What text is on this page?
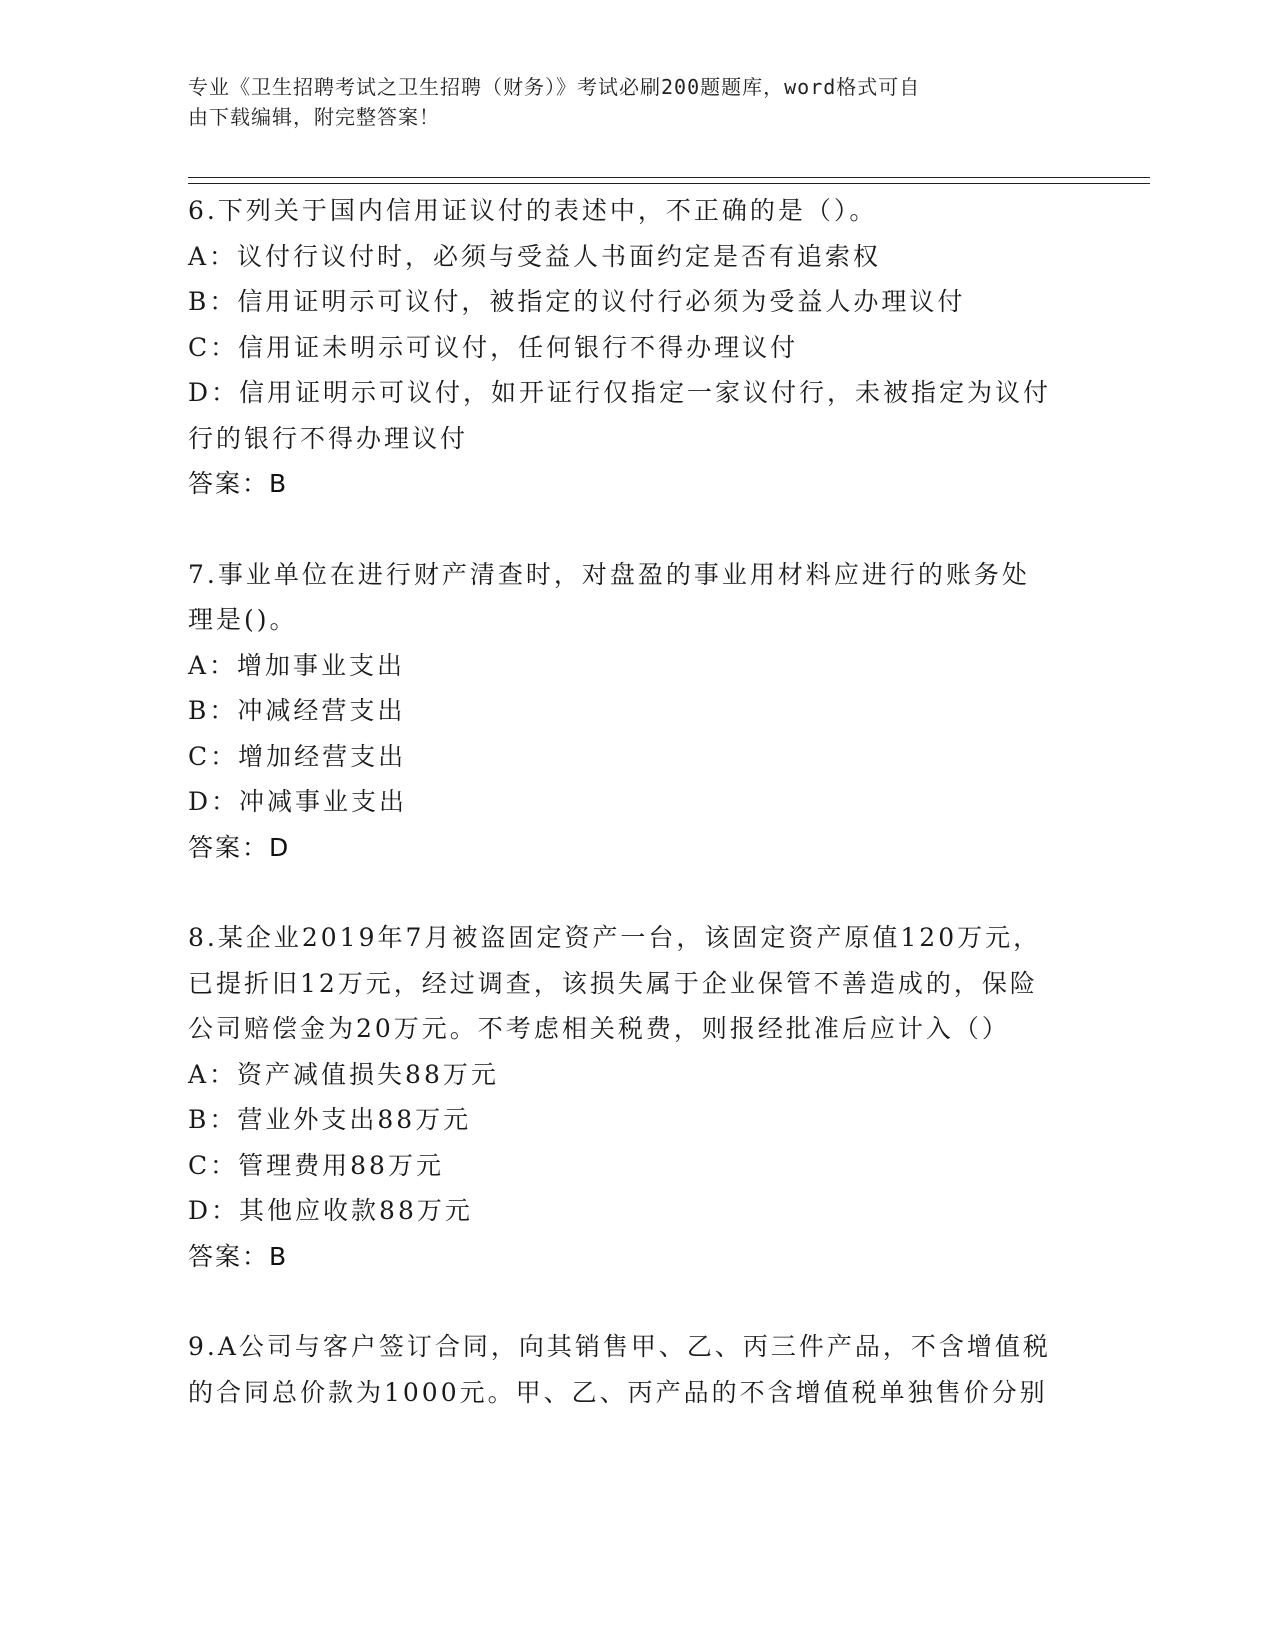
专业《卫生招聘考试之卫生招聘（财务）》考试必刷200题题库，word格式可自
由下载编辑，附完整答案！
6.下列关于国内信用证议付的表述中，不正确的是（）。
A：议付行议付时，必须与受益人书面约定是否有追索权
B：信用证明示可议付，被指定的议付行必须为受益人办理议付
C：信用证未明示可议付，任何银行不得办理议付
D：信用证明示可议付，如开证行仅指定一家议付行，未被指定为议付
行的银行不得办理议付
答案：B
7.事业单位在进行财产清查时，对盘盈的事业用材料应进行的账务处
理是()。
A：增加事业支出
B：冲减经营支出
C：增加经营支出
D：冲减事业支出
答案：D
8.某企业2019年7月被盗固定资产一台，该固定资产原值120万元，
已提折旧12万元，经过调查，该损失属于企业保管不善造成的，保险
公司赔偿金为20万元。不考虑相关税费，则报经批准后应计入（）
A：资产减值损失88万元
B：营业外支出88万元
C：管理费用88万元
D：其他应收款88万元
答案：B
9.A公司与客户签订合同，向其销售甲、乙、丙三件产品，不含增值税
的合同总价款为1000元。甲、乙、丙产品的不含增值税单独售价分别
